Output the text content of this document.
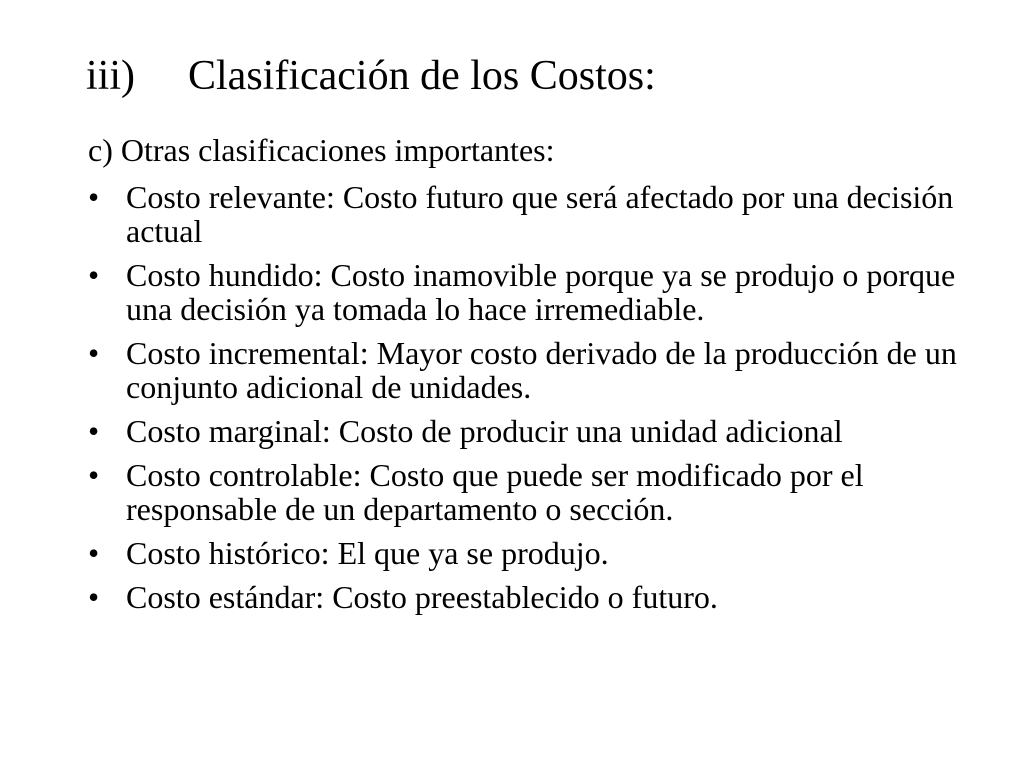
iii) Clasificación de los Costos:

c) Otras clasificaciones importantes:

• Costo relevante: Costo futuro que será afectado por una decisión actual
• Costo hundido: Costo inamovible porque ya se produjo o porque una decisión ya tomada lo hace irremediable.
• Costo incremental: Mayor costo derivado de la producción de un conjunto adicional de unidades.
• Costo marginal: Costo de producir una unidad adicional
• Costo controlable: Costo que puede ser modificado por el responsable de un departamento o sección.
• Costo histórico: El que ya se produjo.
• Costo estándar: Costo preestablecido o futuro.
